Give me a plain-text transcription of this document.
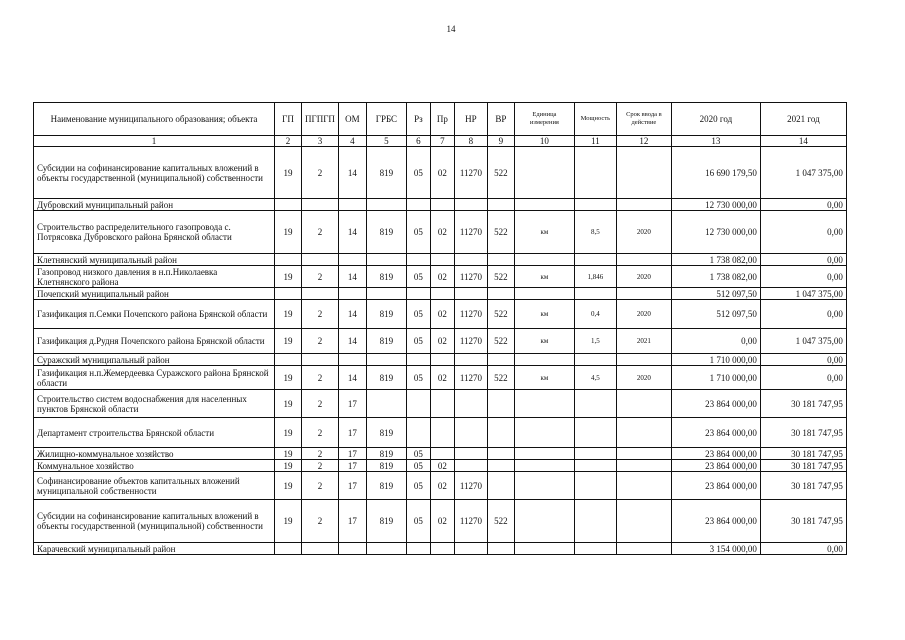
14
Наименование муниципального образования; объекта	ГП	ПГПГП	ОМ	ГРБС	Рз	Пр	НР	ВР	Единица измерения	Мощность	Срок ввода в действие	2020 год	2021 год
1	2	3	4	5	6	7	8	9	10	11	12	13	14
Субсидии на софинансирование капитальных вложений в объекты государственной (муниципальной) собственности	19	2	14	819	05	02	11270	522				16 690 179,50	1 047 375,00
Дубровский муниципальный район												12 730 000,00	0,00
Строительство распределительного газопровода с. Потрясовка Дубровского района Брянской области	19	2	14	819	05	02	11270	522	км	8,5	2020	12 730 000,00	0,00
Клетнянский муниципальный район												1 738 082,00	0,00
Газопровод низкого давления в н.п.Николаевка Клетнянского района	19	2	14	819	05	02	11270	522	км	1,846	2020	1 738 082,00	0,00
Почепский муниципальный район												512 097,50	1 047 375,00
Газификация п.Семки Почепского района Брянской области	19	2	14	819	05	02	11270	522	км	0,4	2020	512 097,50	0,00
Газификация д.Рудня Почепского района Брянской области	19	2	14	819	05	02	11270	522	км	1,5	2021	0,00	1 047 375,00
Суражский муниципальный район												1 710 000,00	0,00
Газификация н.п.Жемердеевка Суражского района Брянской области	19	2	14	819	05	02	11270	522	км	4,5	2020	1 710 000,00	0,00
Строительство систем водоснабжения для населенных пунктов Брянской области	19	2	17									23 864 000,00	30 181 747,95
Департамент строительства Брянской области	19	2	17	819								23 864 000,00	30 181 747,95
Жилищно-коммунальное хозяйство	19	2	17	819	05							23 864 000,00	30 181 747,95
Коммунальное хозяйство	19	2	17	819	05	02						23 864 000,00	30 181 747,95
Софинансирование объектов капитальных вложений муниципальной собственности	19	2	17	819	05	02	11270					23 864 000,00	30 181 747,95
Субсидии на софинансирование капитальных вложений в объекты государственной (муниципальной) собственности	19	2	17	819	05	02	11270	522				23 864 000,00	30 181 747,95
Карачевский муниципальный район												3 154 000,00	0,00
